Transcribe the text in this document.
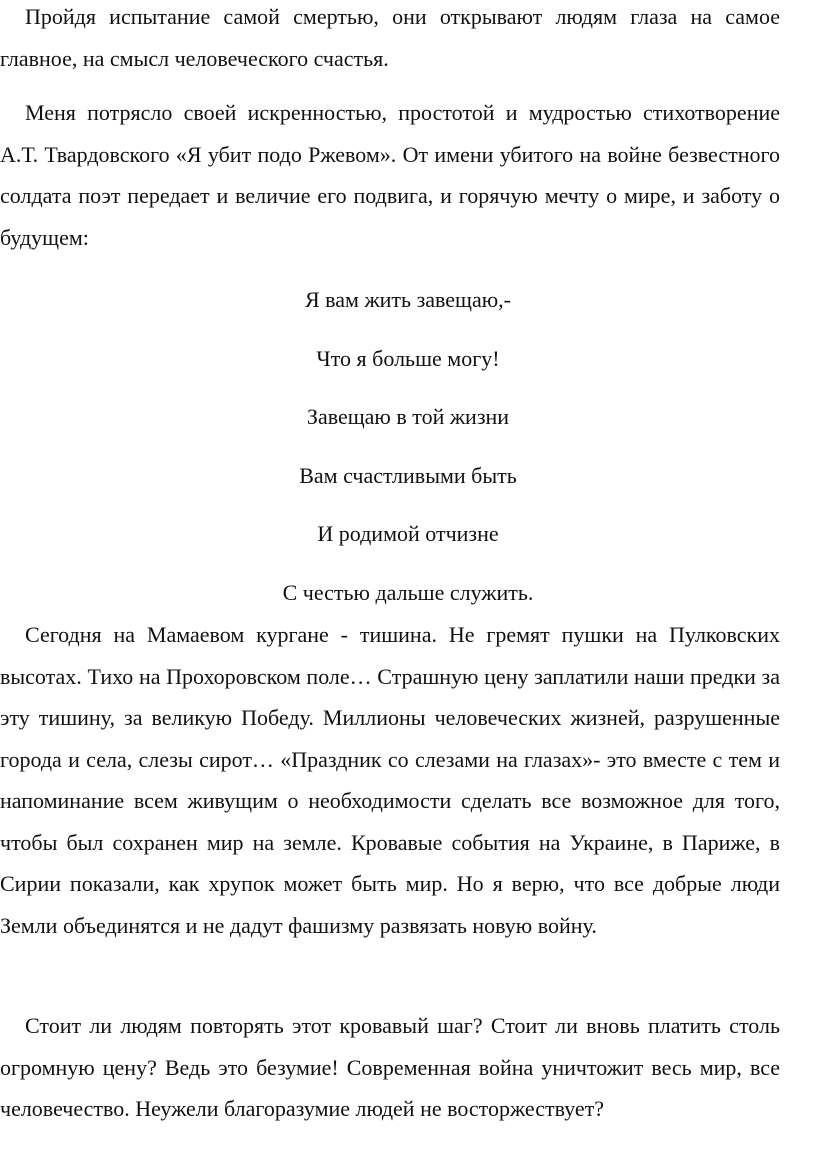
Пройдя испытание самой смертью, они открывают людям глаза на самое главное, на смысл человеческого счастья.

Меня потрясло своей искренностью, простотой и мудростью стихотворение А.Т. Твардовского «Я убит подо Ржевом». От имени убитого на войне безвестного солдата поэт передает и величие его подвига, и горячую мечту о мире, и заботу о будущем:

Я вам жить завещаю,-
Что я больше могу!
Завещаю в той жизни
Вам счастливыми быть
И родимой отчизне
С честью дальше служить.

Сегодня на Мамаевом кургане - тишина. Не гремят пушки на Пулковских высотах. Тихо на Прохоровском поле… Страшную цену заплатили наши предки за эту тишину, за великую Победу. Миллионы человеческих жизней, разрушенные города и села, слезы сирот… «Праздник со слезами на глазах»- это вместе с тем и напоминание всем живущим о необходимости сделать все возможное для того, чтобы был сохранен мир на земле. Кровавые события на Украине, в Париже, в Сирии показали, как хрупок может быть мир. Но я верю, что все добрые люди Земли объединятся и не дадут фашизму развязать новую войну.

Стоит ли людям повторять этот кровавый шаг? Стоит ли вновь платить столь огромную цену? Ведь это безумие! Современная война уничтожит весь мир, все человечество. Неужели благоразумие людей не восторжествует?
